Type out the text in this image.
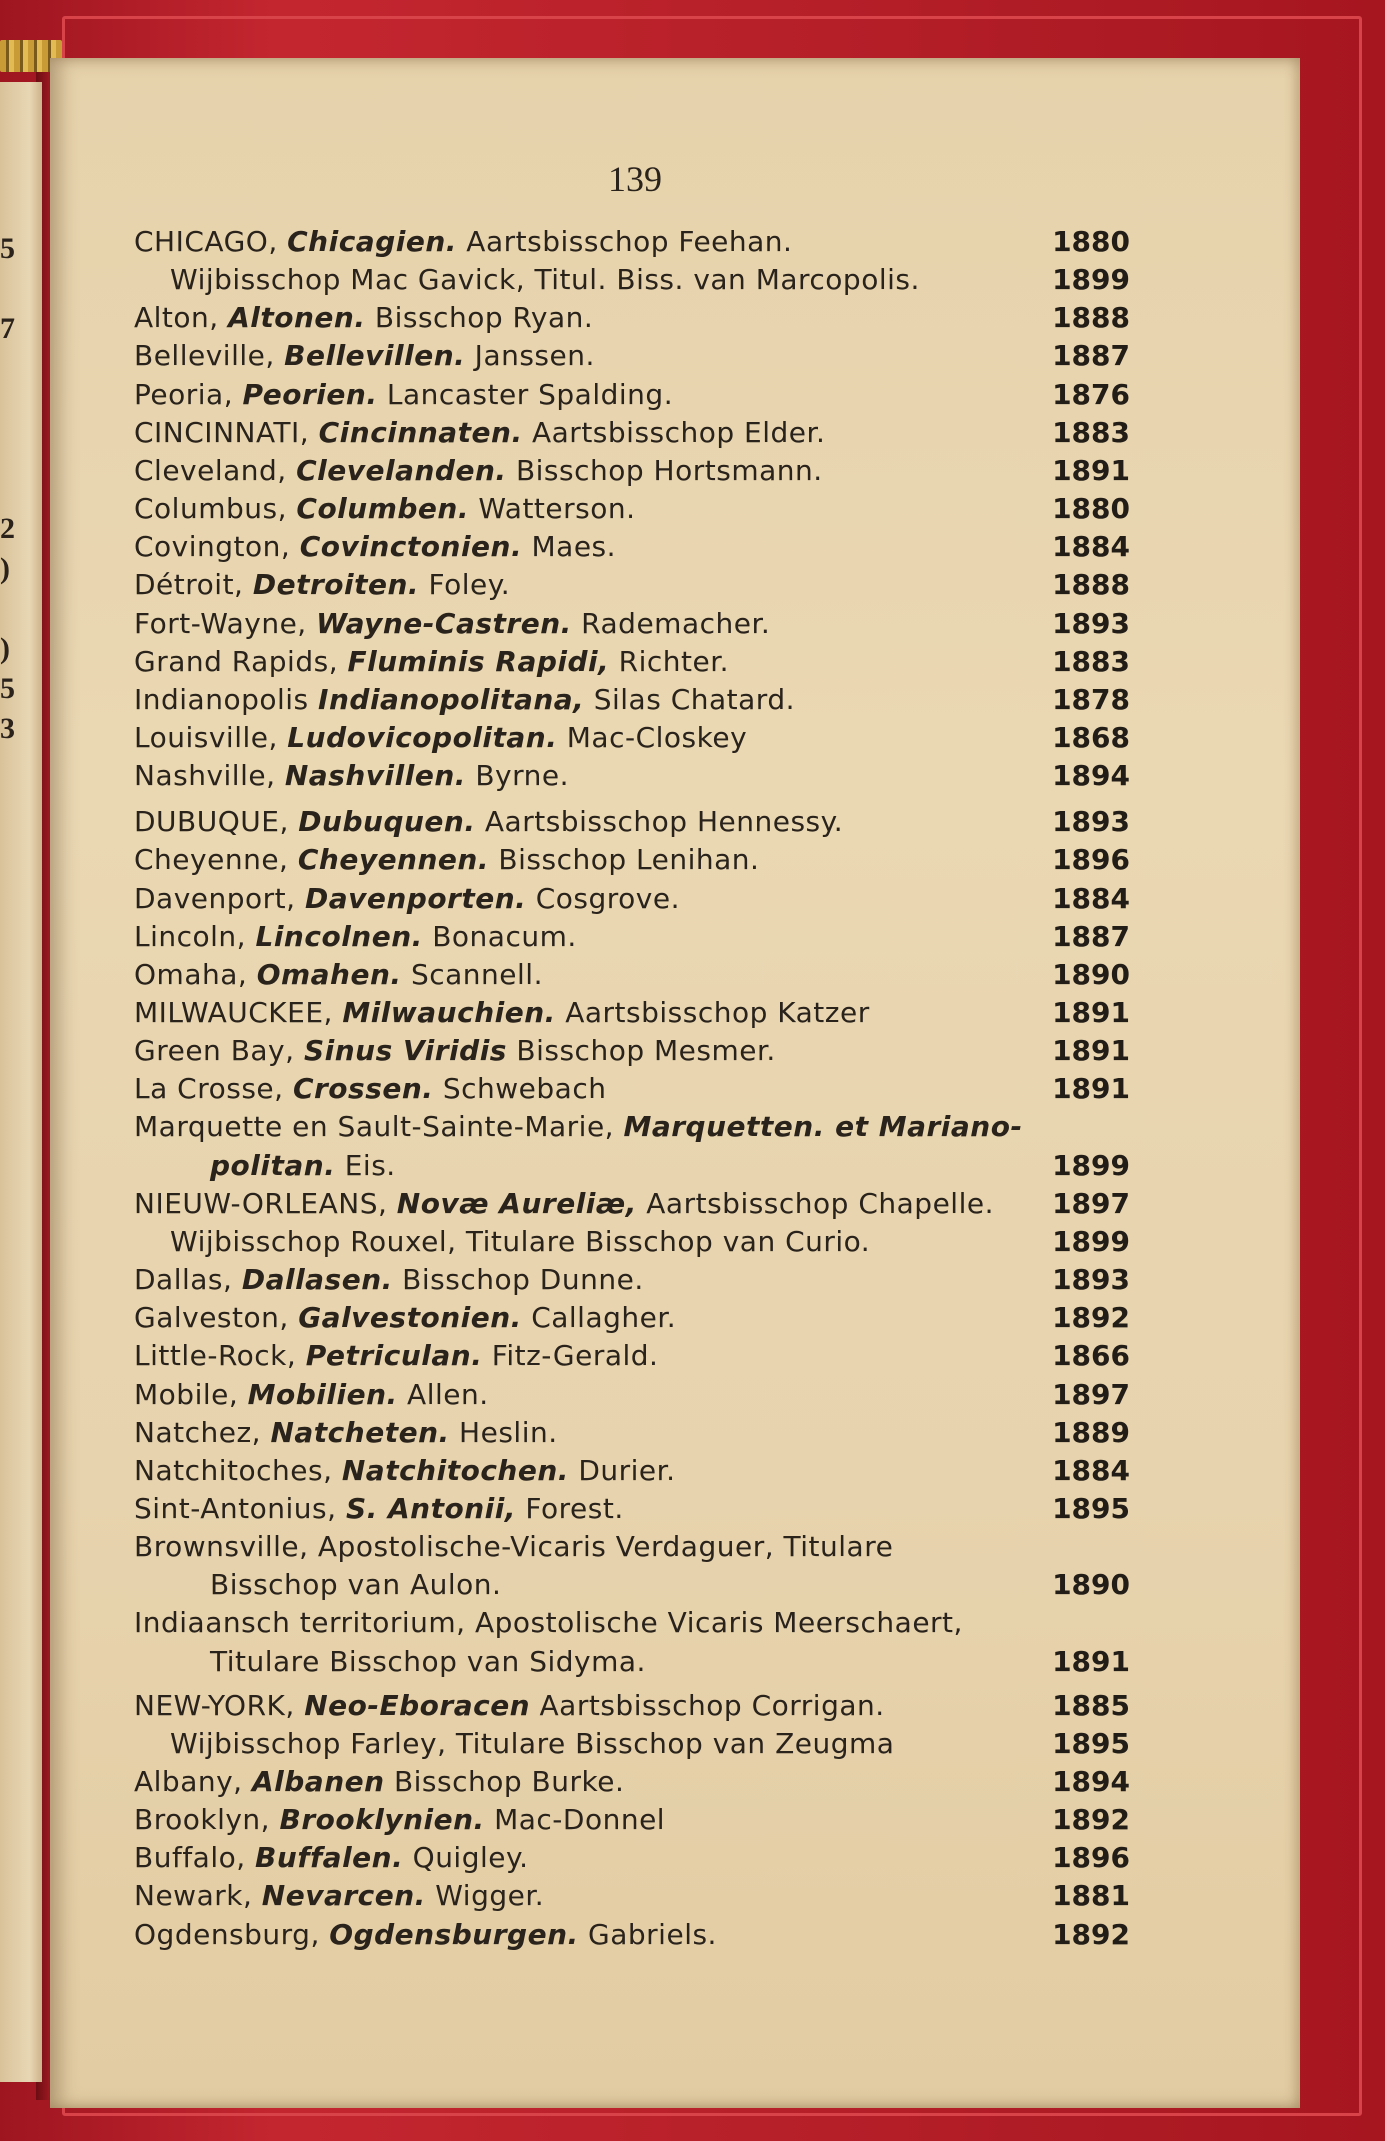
5
7
2
)
)
5
3
139
CHICAGO, Chicagien. Aartsbisschop Feehan.	1880
Wijbisschop Mac Gavick, Titul. Biss. van Marcopolis.	1899
Alton, Altonen. Bisschop Ryan.	1888
Belleville, Bellevillen. Janssen.	1887
Peoria, Peorien. Lancaster Spalding.	1876
CINCINNATI, Cincinnaten. Aartsbisschop Elder.	1883
Cleveland, Clevelanden. Bisschop Hortsmann.	1891
Columbus, Columben. Watterson.	1880
Covington, Covinctonien. Maes.	1884
Détroit, Detroiten. Foley.	1888
Fort-Wayne, Wayne-Castren. Rademacher.	1893
Grand Rapids, Fluminis Rapidi, Richter.	1883
Indianopolis Indianopolitana, Silas Chatard.	1878
Louisville, Ludovicopolitan. Mac-Closkey	1868
Nashville, Nashvillen. Byrne.	1894
DUBUQUE, Dubuquen. Aartsbisschop Hennessy.	1893
Cheyenne, Cheyennen. Bisschop Lenihan.	1896
Davenport, Davenporten. Cosgrove.	1884
Lincoln, Lincolnen. Bonacum.	1887
Omaha, Omahen. Scannell.	1890
MILWAUCKEE, Milwauchien. Aartsbisschop Katzer	1891
Green Bay, Sinus Viridis Bisschop Mesmer.	1891
La Crosse, Crossen. Schwebach	1891
Marquette en Sault-Sainte-Marie, Marquetten. et Mariano-
politan. Eis.	1899
NIEUW-ORLEANS, Novæ Aureliæ, Aartsbisschop Chapelle.	1897
Wijbisschop Rouxel, Titulare Bisschop van Curio.	1899
Dallas, Dallasen. Bisschop Dunne.	1893
Galveston, Galvestonien. Callagher.	1892
Little-Rock, Petriculan. Fitz-Gerald.	1866
Mobile, Mobilien. Allen.	1897
Natchez, Natcheten. Heslin.	1889
Natchitoches, Natchitochen. Durier.	1884
Sint-Antonius, S. Antonii, Forest.	1895
Brownsville, Apostolische-Vicaris Verdaguer, Titulare
Bisschop van Aulon.	1890
Indiaansch territorium, Apostolische Vicaris Meerschaert,
Titulare Bisschop van Sidyma.	1891
NEW-YORK, Neo-Eboracen Aartsbisschop Corrigan.	1885
Wijbisschop Farley, Titulare Bisschop van Zeugma	1895
Albany, Albanen Bisschop Burke.	1894
Brooklyn, Brooklynien. Mac-Donnel	1892
Buffalo, Buffalen. Quigley.	1896
Newark, Nevarcen. Wigger.	1881
Ogdensburg, Ogdensburgen. Gabriels.	1892
